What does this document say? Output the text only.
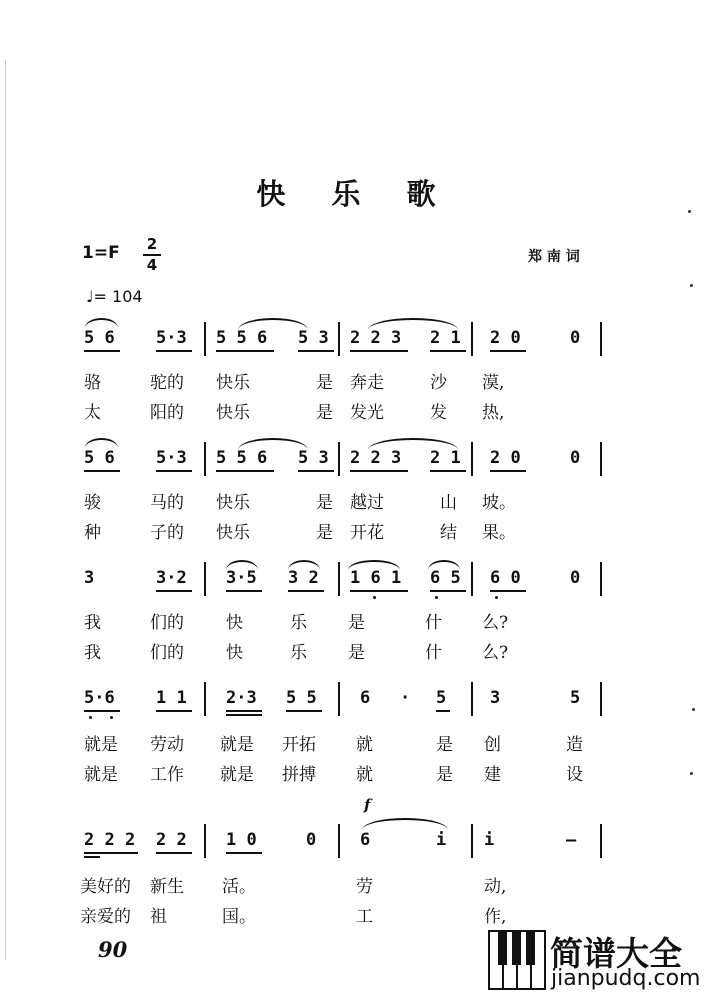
快 乐 歌
1=F 2
4	郑 南 词
♩= 104
5 6 5·3 5 5 6 5 3 2 2 3 2 1 2 0	0
骆	驼的 快乐	是 奔走	沙 漠,
太	阳的 快乐	是 发光	发 热,
5 6 5·3 5 5 6 5 3 2 2 3 2 1 2 0	0
骏	马的 快乐	是 越过	山 坡。
种	子的 快乐	是 开花	结 果。
3	3·2 3·5 3 2 1 6 1 6 5 6 0	0
我	们的 快	乐 是	什 么?
我	们的 快	乐 是	什 么?
5·6 1 1 2·3 5 5	6 · 5	3	5
就是 劳动 就是 开拓 就	是 创	造
就是 工作 就是 拼搏 就	是 建	设
f
2 2 2 2 2 1 0	0	6	i i	—
美好的 新生 活。	劳	动,
亲爱的 祖	国。	工	作,
90	简谱大全
jianpudq.com
